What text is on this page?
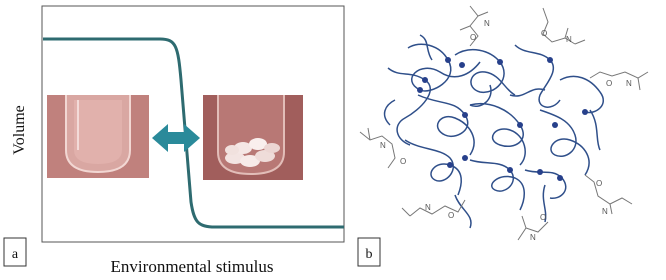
Volume
Environmental stimulus
a
O
N
O
N
O N
N
O
O
N
N
O	O
N
b
